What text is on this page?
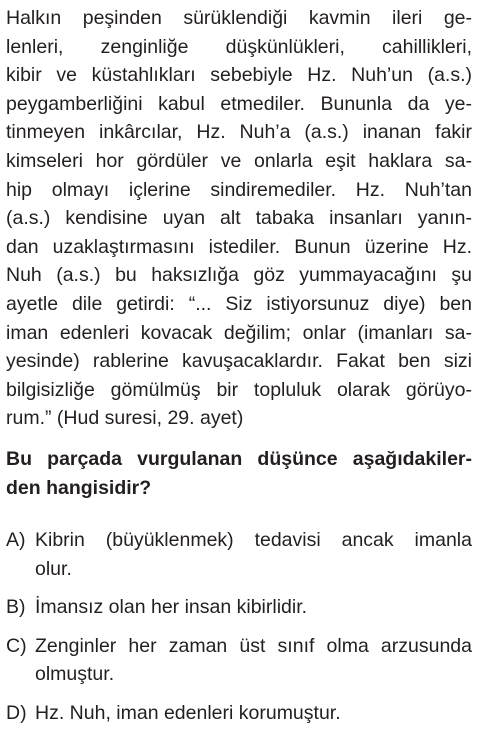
Halkın peşinden sürüklendiği kavmin ileri ge-
lenleri, zenginliğe düşkünlükleri, cahillikleri,
kibir ve küstahlıkları sebebiyle Hz. Nuh’un (a.s.)
peygamberliğini kabul etmediler. Bununla da ye-
tinmeyen inkârcılar, Hz. Nuh’a (a.s.) inanan fakir
kimseleri hor gördüler ve onlarla eşit haklara sa-
hip olmayı içlerine sindiremediler. Hz. Nuh’tan
(a.s.) kendisine uyan alt tabaka insanları yanın-
dan uzaklaştırmasını istediler. Bunun üzerine Hz.
Nuh (a.s.) bu haksızlığa göz yummayacağını şu
ayetle dile getirdi: “... Siz istiyorsunuz diye) ben
iman edenleri kovacak değilim; onlar (imanları sa-
yesinde) rablerine kavuşacaklardır. Fakat ben sizi
bilgisizliğe gömülmüş bir topluluk olarak görüyo-
rum.” (Hud suresi, 29. ayet)
Bu parçada vurgulanan düşünce aşağıdakiler-
den hangisidir?
A) Kibrin (büyüklenmek) tedavisi ancak imanla
olur.
B) İmansız olan her insan kibirlidir.
C) Zenginler her zaman üst sınıf olma arzusunda
olmuştur.
D) Hz. Nuh, iman edenleri korumuştur.
